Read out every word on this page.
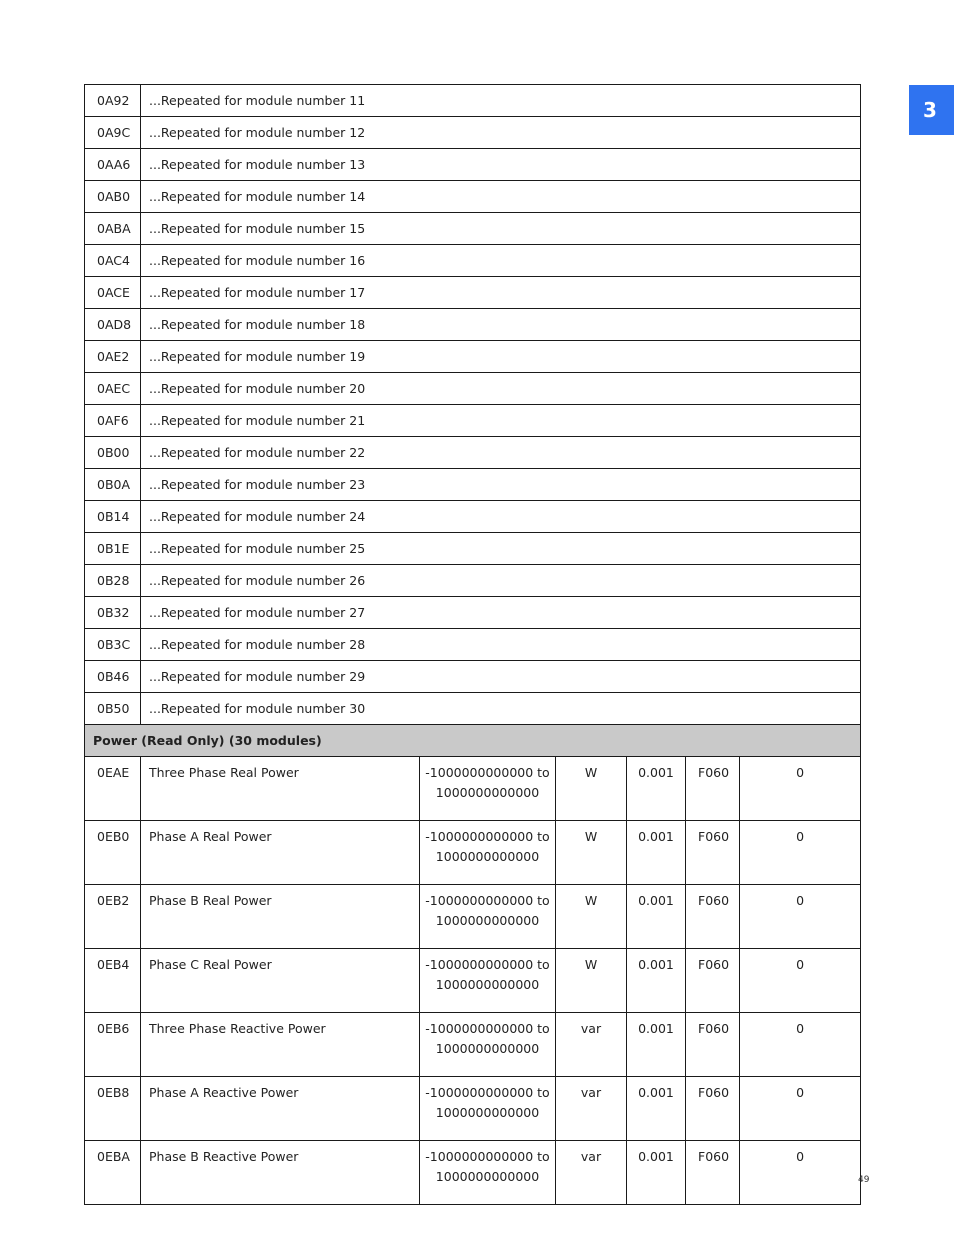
3
0A92	...Repeated for module number 11					
0A9C	...Repeated for module number 12					
0AA6	...Repeated for module number 13					
0AB0	...Repeated for module number 14					
0ABA	...Repeated for module number 15					
0AC4	...Repeated for module number 16					
0ACE	...Repeated for module number 17					
0AD8	...Repeated for module number 18					
0AE2	...Repeated for module number 19					
0AEC	...Repeated for module number 20					
0AF6	...Repeated for module number 21					
0B00	...Repeated for module number 22					
0B0A	...Repeated for module number 23					
0B14	...Repeated for module number 24					
0B1E	...Repeated for module number 25					
0B28	...Repeated for module number 26					
0B32	...Repeated for module number 27					
0B3C	...Repeated for module number 28					
0B46	...Repeated for module number 29					
0B50	...Repeated for module number 30					
Power (Read Only) (30 modules)						
0EAE	Three Phase Real Power	-1000000000000 to
1000000000000	W	0.001	F060	0
0EB0	Phase A Real Power	-1000000000000 to
1000000000000	W	0.001	F060	0
0EB2	Phase B Real Power	-1000000000000 to
1000000000000	W	0.001	F060	0
0EB4	Phase C Real Power	-1000000000000 to
1000000000000	W	0.001	F060	0
0EB6	Three Phase Reactive Power	-1000000000000 to
1000000000000	var	0.001	F060	0
0EB8	Phase A Reactive Power	-1000000000000 to
1000000000000	var	0.001	F060	0
0EBA	Phase B Reactive Power	-1000000000000 to
1000000000000	var	0.001	F060	0
49
